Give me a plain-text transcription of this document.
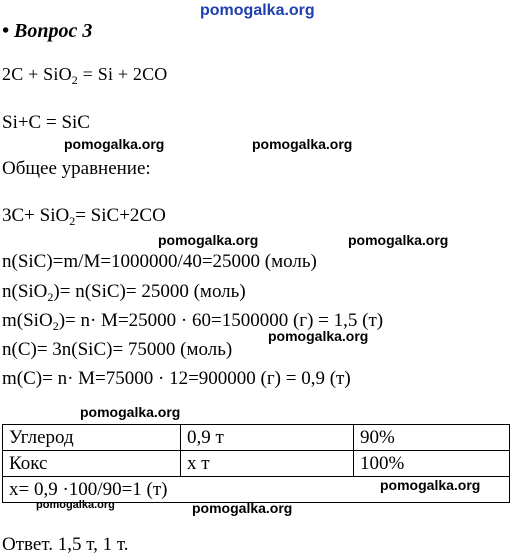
pomogalka.org
• Вопрос 3
2C + SiO$_2$ = Si + 2CO
Si+C = SiC
pomogalka.org	pomogalka.org
Общее уравнение:
3C+ SiO$_2$= SiC+2CO
pomogalka.org	pomogalka.org
n(SiC)=m/M=1000000/40=25000 (моль)
n(SiO$_2$)= n(SiC)= 25000 (моль)
m(SiO$_2$)= n· M=25000 · 60=1500000 (г) = 1,5 (т)
n(C)= 3n(SiC)= 75000 (моль)
pomogalka.org
m(C)= n· M=75000 · 12=900000 (г) = 0,9 (т)
pomogalka.org
Углерод	0,9 т	90%
Кокс	х т	100%
x= 0,9 ·100/90=1 (т)			pomogalka.org
pomogalka.org	pomogalka.org
Ответ. 1,5 т, 1 т.
